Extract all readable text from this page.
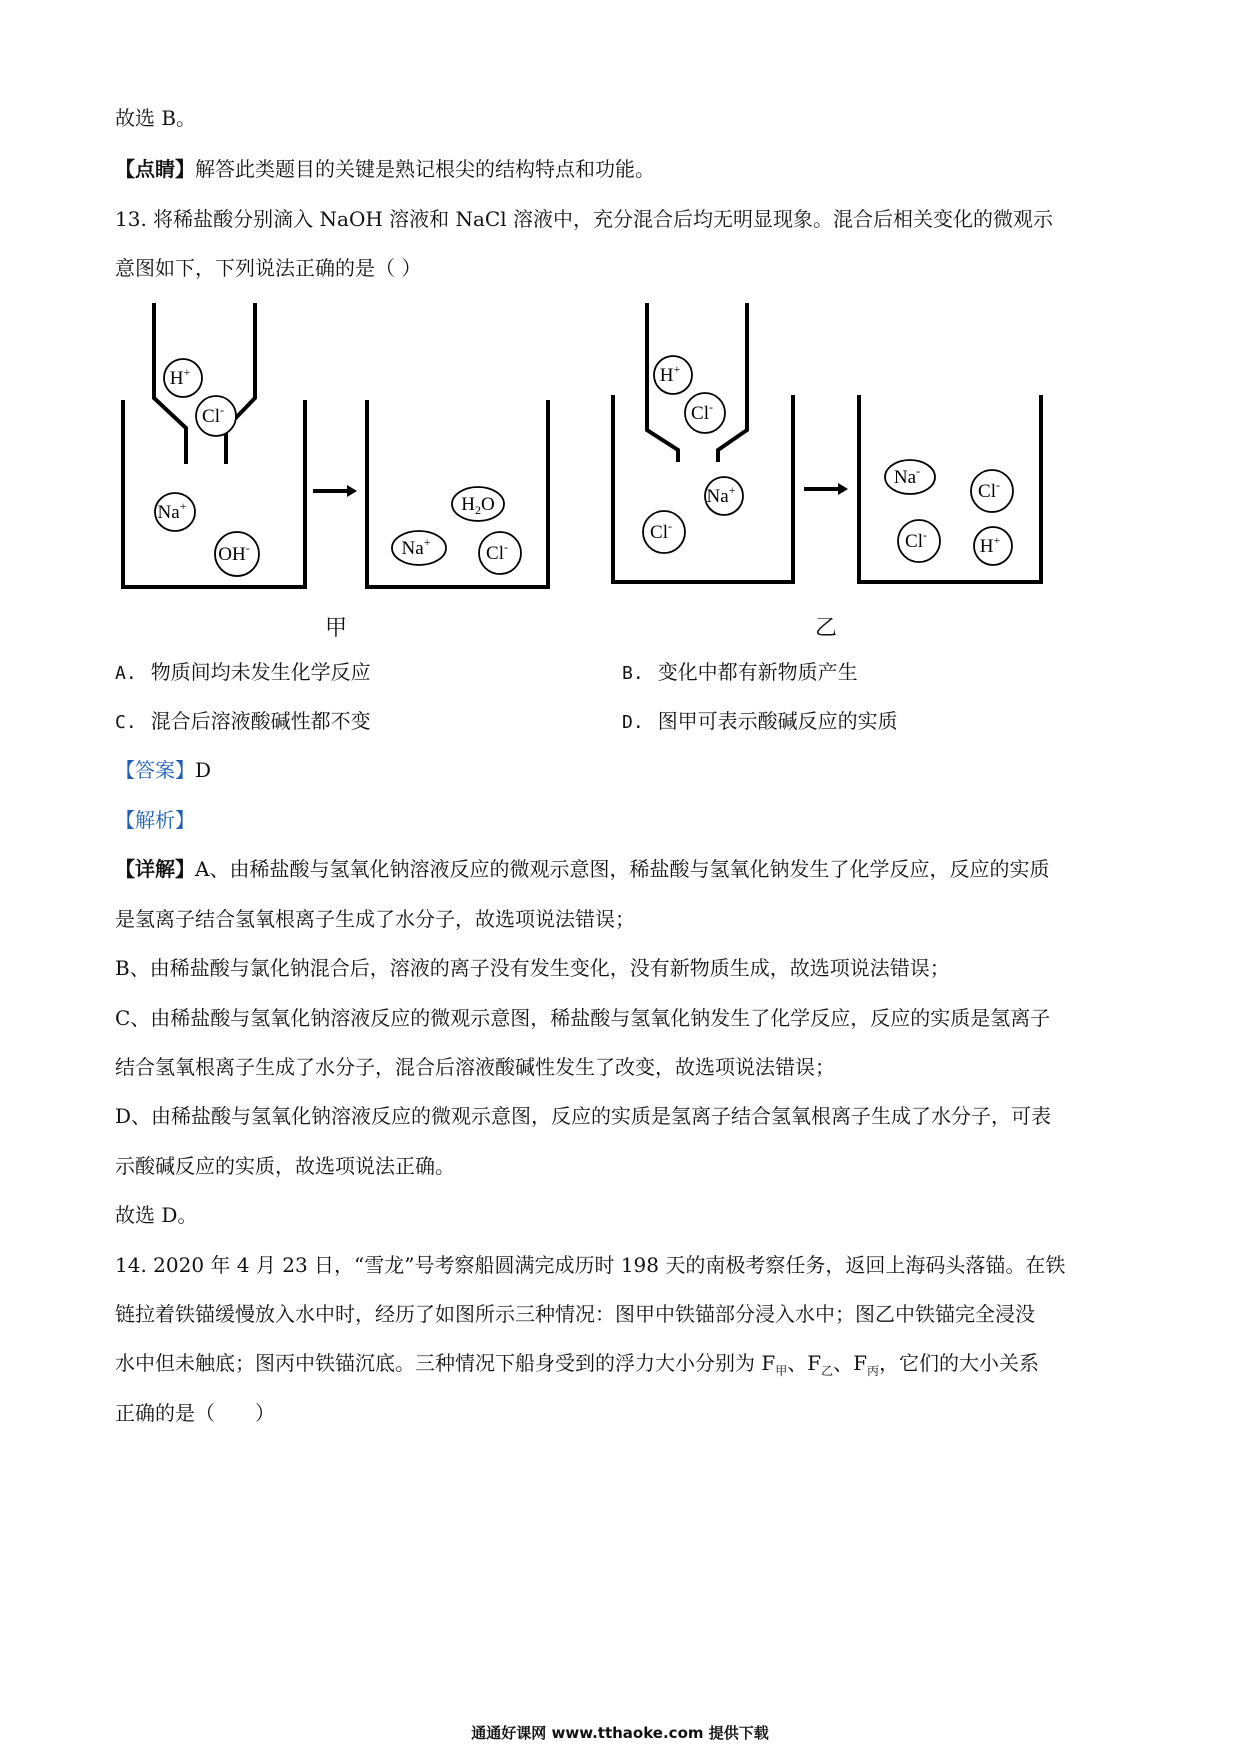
故选 B。
【点睛】解答此类题目的关键是熟记根尖的结构特点和功能。
13. 将稀盐酸分别滴入 NaOH 溶液和 NaCl 溶液中，充分混合后均无明显现象。混合后相关变化的微观示
意图如下，下列说法正确的是（ ）
H+
Cl-
Na+
OH-
$H_2O$
Na+
Cl-
H+
Cl-
Na+
Cl-
Na-
Cl-
Cl-
H+
甲	乙
A. 物质间均未发生化学反应	B. 变化中都有新物质产生
C. 混合后溶液酸碱性都不变	D. 图甲可表示酸碱反应的实质
【答案】D
【解析】
【详解】A、由稀盐酸与氢氧化钠溶液反应的微观示意图，稀盐酸与氢氧化钠发生了化学反应，反应的实质
是氢离子结合氢氧根离子生成了水分子，故选项说法错误；
B、由稀盐酸与氯化钠混合后，溶液的离子没有发生变化，没有新物质生成，故选项说法错误；
C、由稀盐酸与氢氧化钠溶液反应的微观示意图，稀盐酸与氢氧化钠发生了化学反应，反应的实质是氢离子
结合氢氧根离子生成了水分子，混合后溶液酸碱性发生了改变，故选项说法错误；
D、由稀盐酸与氢氧化钠溶液反应的微观示意图，反应的实质是氢离子结合氢氧根离子生成了水分子，可表
示酸碱反应的实质，故选项说法正确。
故选 D。
14. 2020 年 4 月 23 日，“雪龙”号考察船圆满完成历时 198 天的南极考察任务，返回上海码头落锚。在铁
链拉着铁锚缓慢放入水中时，经历了如图所示三种情况：图甲中铁锚部分浸入水中；图乙中铁锚完全浸没
水中但未触底；图丙中铁锚沉底。三种情况下船身受到的浮力大小分别为 $F_甲$、$F_乙$、$F_丙$，它们的大小关系
正确的是（　　）
通通好课网 www.tthaoke.com 提供下载
